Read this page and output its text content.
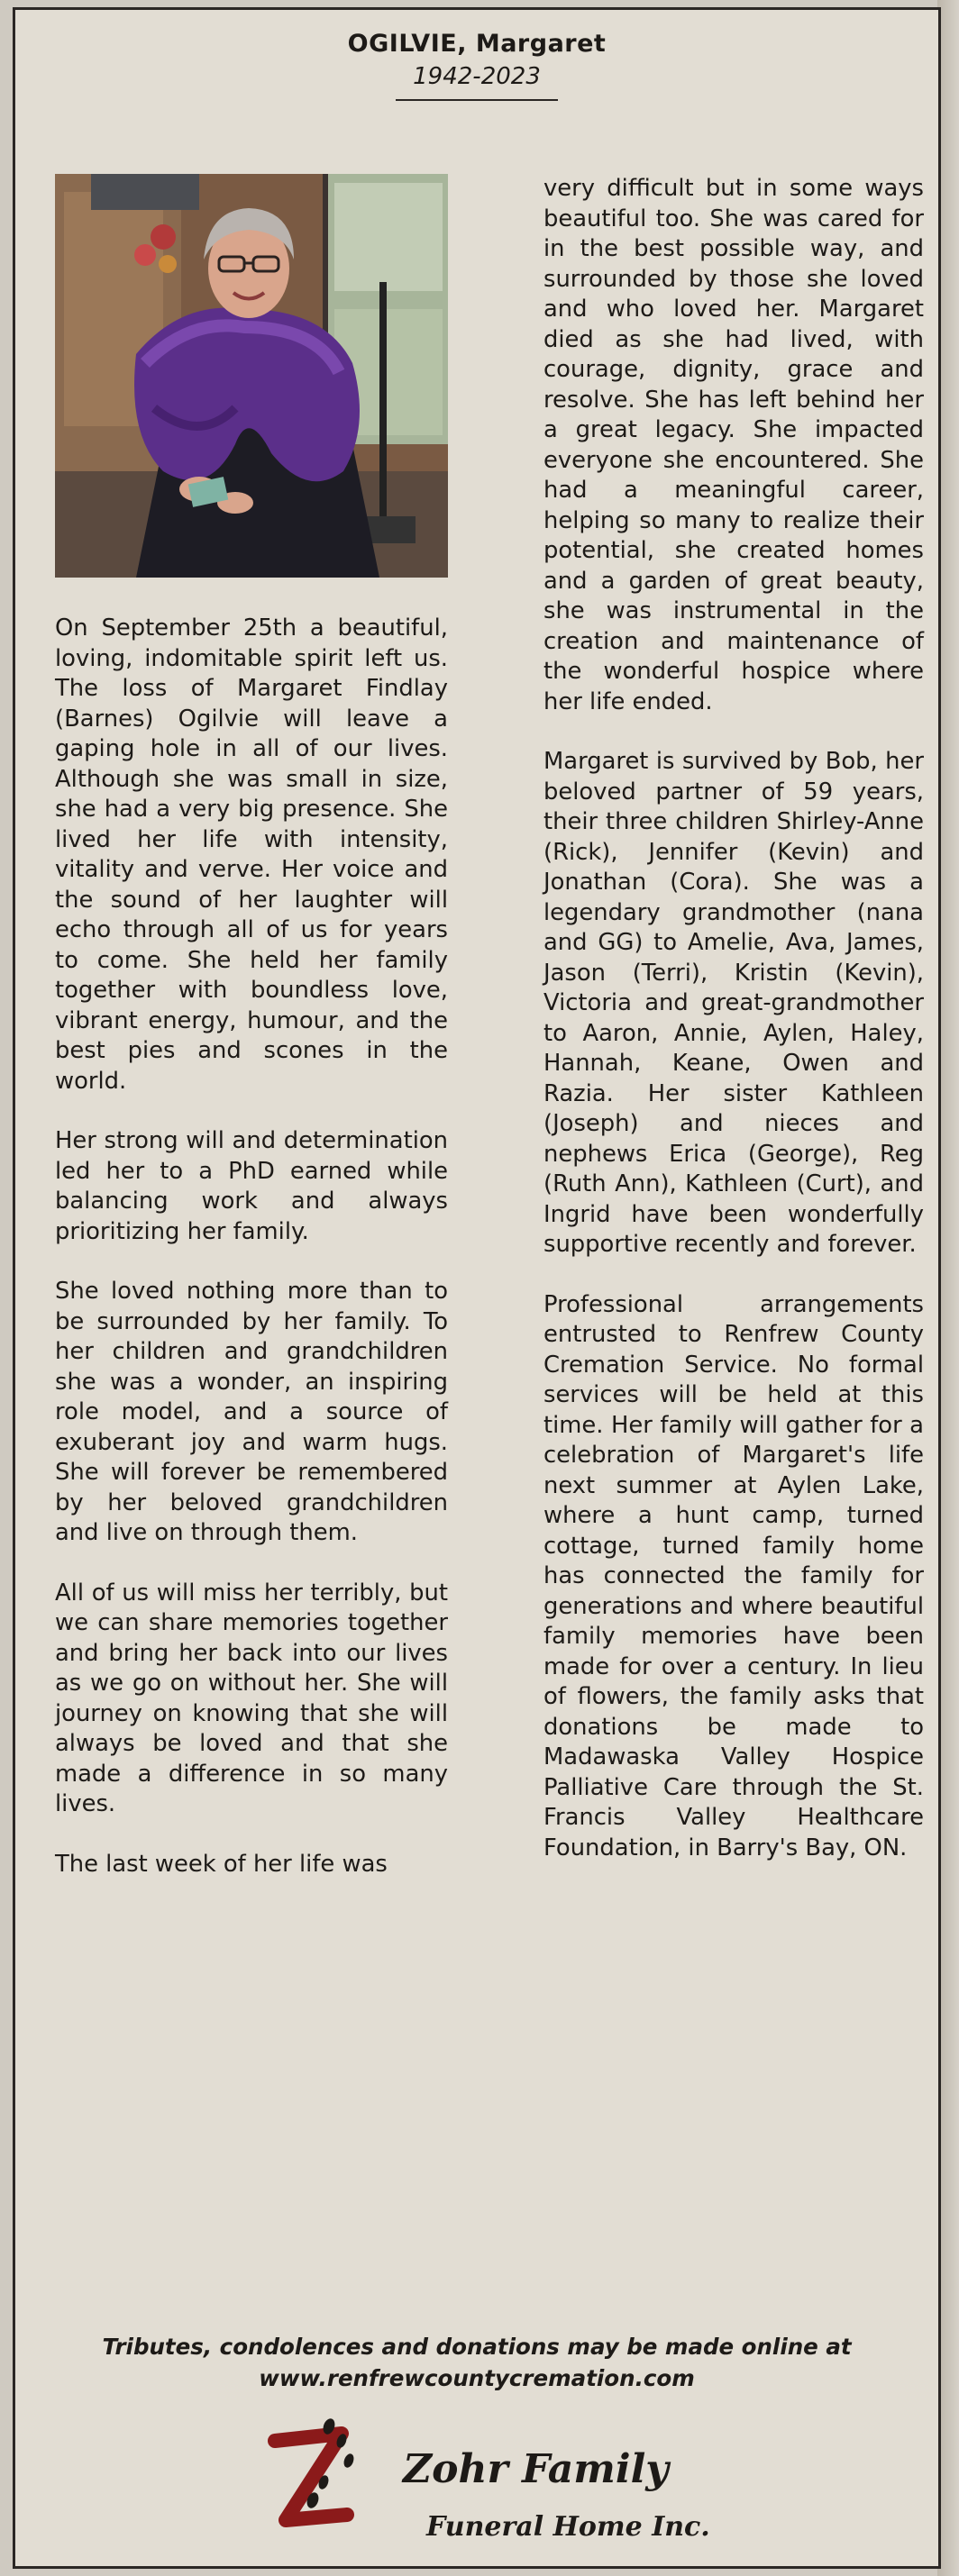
OGILVIE, Margaret
1942-2023

On September 25th a beautiful, loving, indomitable spirit left us. The loss of Margaret Findlay (Barnes) Ogilvie will leave a gaping hole in all of our lives. Although she was small in size, she had a very big presence. She lived her life with intensity, vitality and verve. Her voice and the sound of her laughter will echo through all of us for years to come. She held her family together with boundless love, vibrant energy, humour, and the best pies and scones in the world.

Her strong will and determination led her to a PhD earned while balancing work and always prioritizing her family.

She loved nothing more than to be surrounded by her family. To her children and grandchildren she was a wonder, an inspiring role model, and a source of exuberant joy and warm hugs. She will forever be remembered by her beloved grandchildren and live on through them.

All of us will miss her terribly, but we can share memories together and bring her back into our lives as we go on without her. She will journey on knowing that she will always be loved and that she made a difference in so many lives.

The last week of her life was

very difficult but in some ways beautiful too. She was cared for in the best possible way, and surrounded by those she loved and who loved her. Margaret died as she had lived, with courage, dignity, grace and resolve. She has left behind her a great legacy. She impacted everyone she encountered. She had a meaningful career, helping so many to realize their potential, she created homes and a garden of great beauty, she was instrumental in the creation and maintenance of the wonderful hospice where her life ended.

Margaret is survived by Bob, her beloved partner of 59 years, their three children Shirley-Anne (Rick), Jennifer (Kevin) and Jonathan (Cora). She was a legendary grandmother (nana and GG) to Amelie, Ava, James, Jason (Terri), Kristin (Kevin), Victoria and great-grandmother to Aaron, Annie, Aylen, Haley, Hannah, Keane, Owen and Razia. Her sister Kathleen (Joseph) and nieces and nephews Erica (George), Reg (Ruth Ann), Kathleen (Curt), and Ingrid have been wonderfully supportive recently and forever.

Professional arrangements entrusted to Renfrew County Cremation Service. No formal services will be held at this time. Her family will gather for a celebration of Margaret's life next summer at Aylen Lake, where a hunt camp, turned cottage, turned family home has connected the family for generations and where beautiful family memories have been made for over a century. In lieu of flowers, the family asks that donations be made to Madawaska Valley Hospice Palliative Care through the St. Francis Valley Healthcare Foundation, in Barry's Bay, ON.

Tributes, condolences and donations may be made online at
www.renfrewcountycremation.com
Zohr Family
Funeral Home Inc.
